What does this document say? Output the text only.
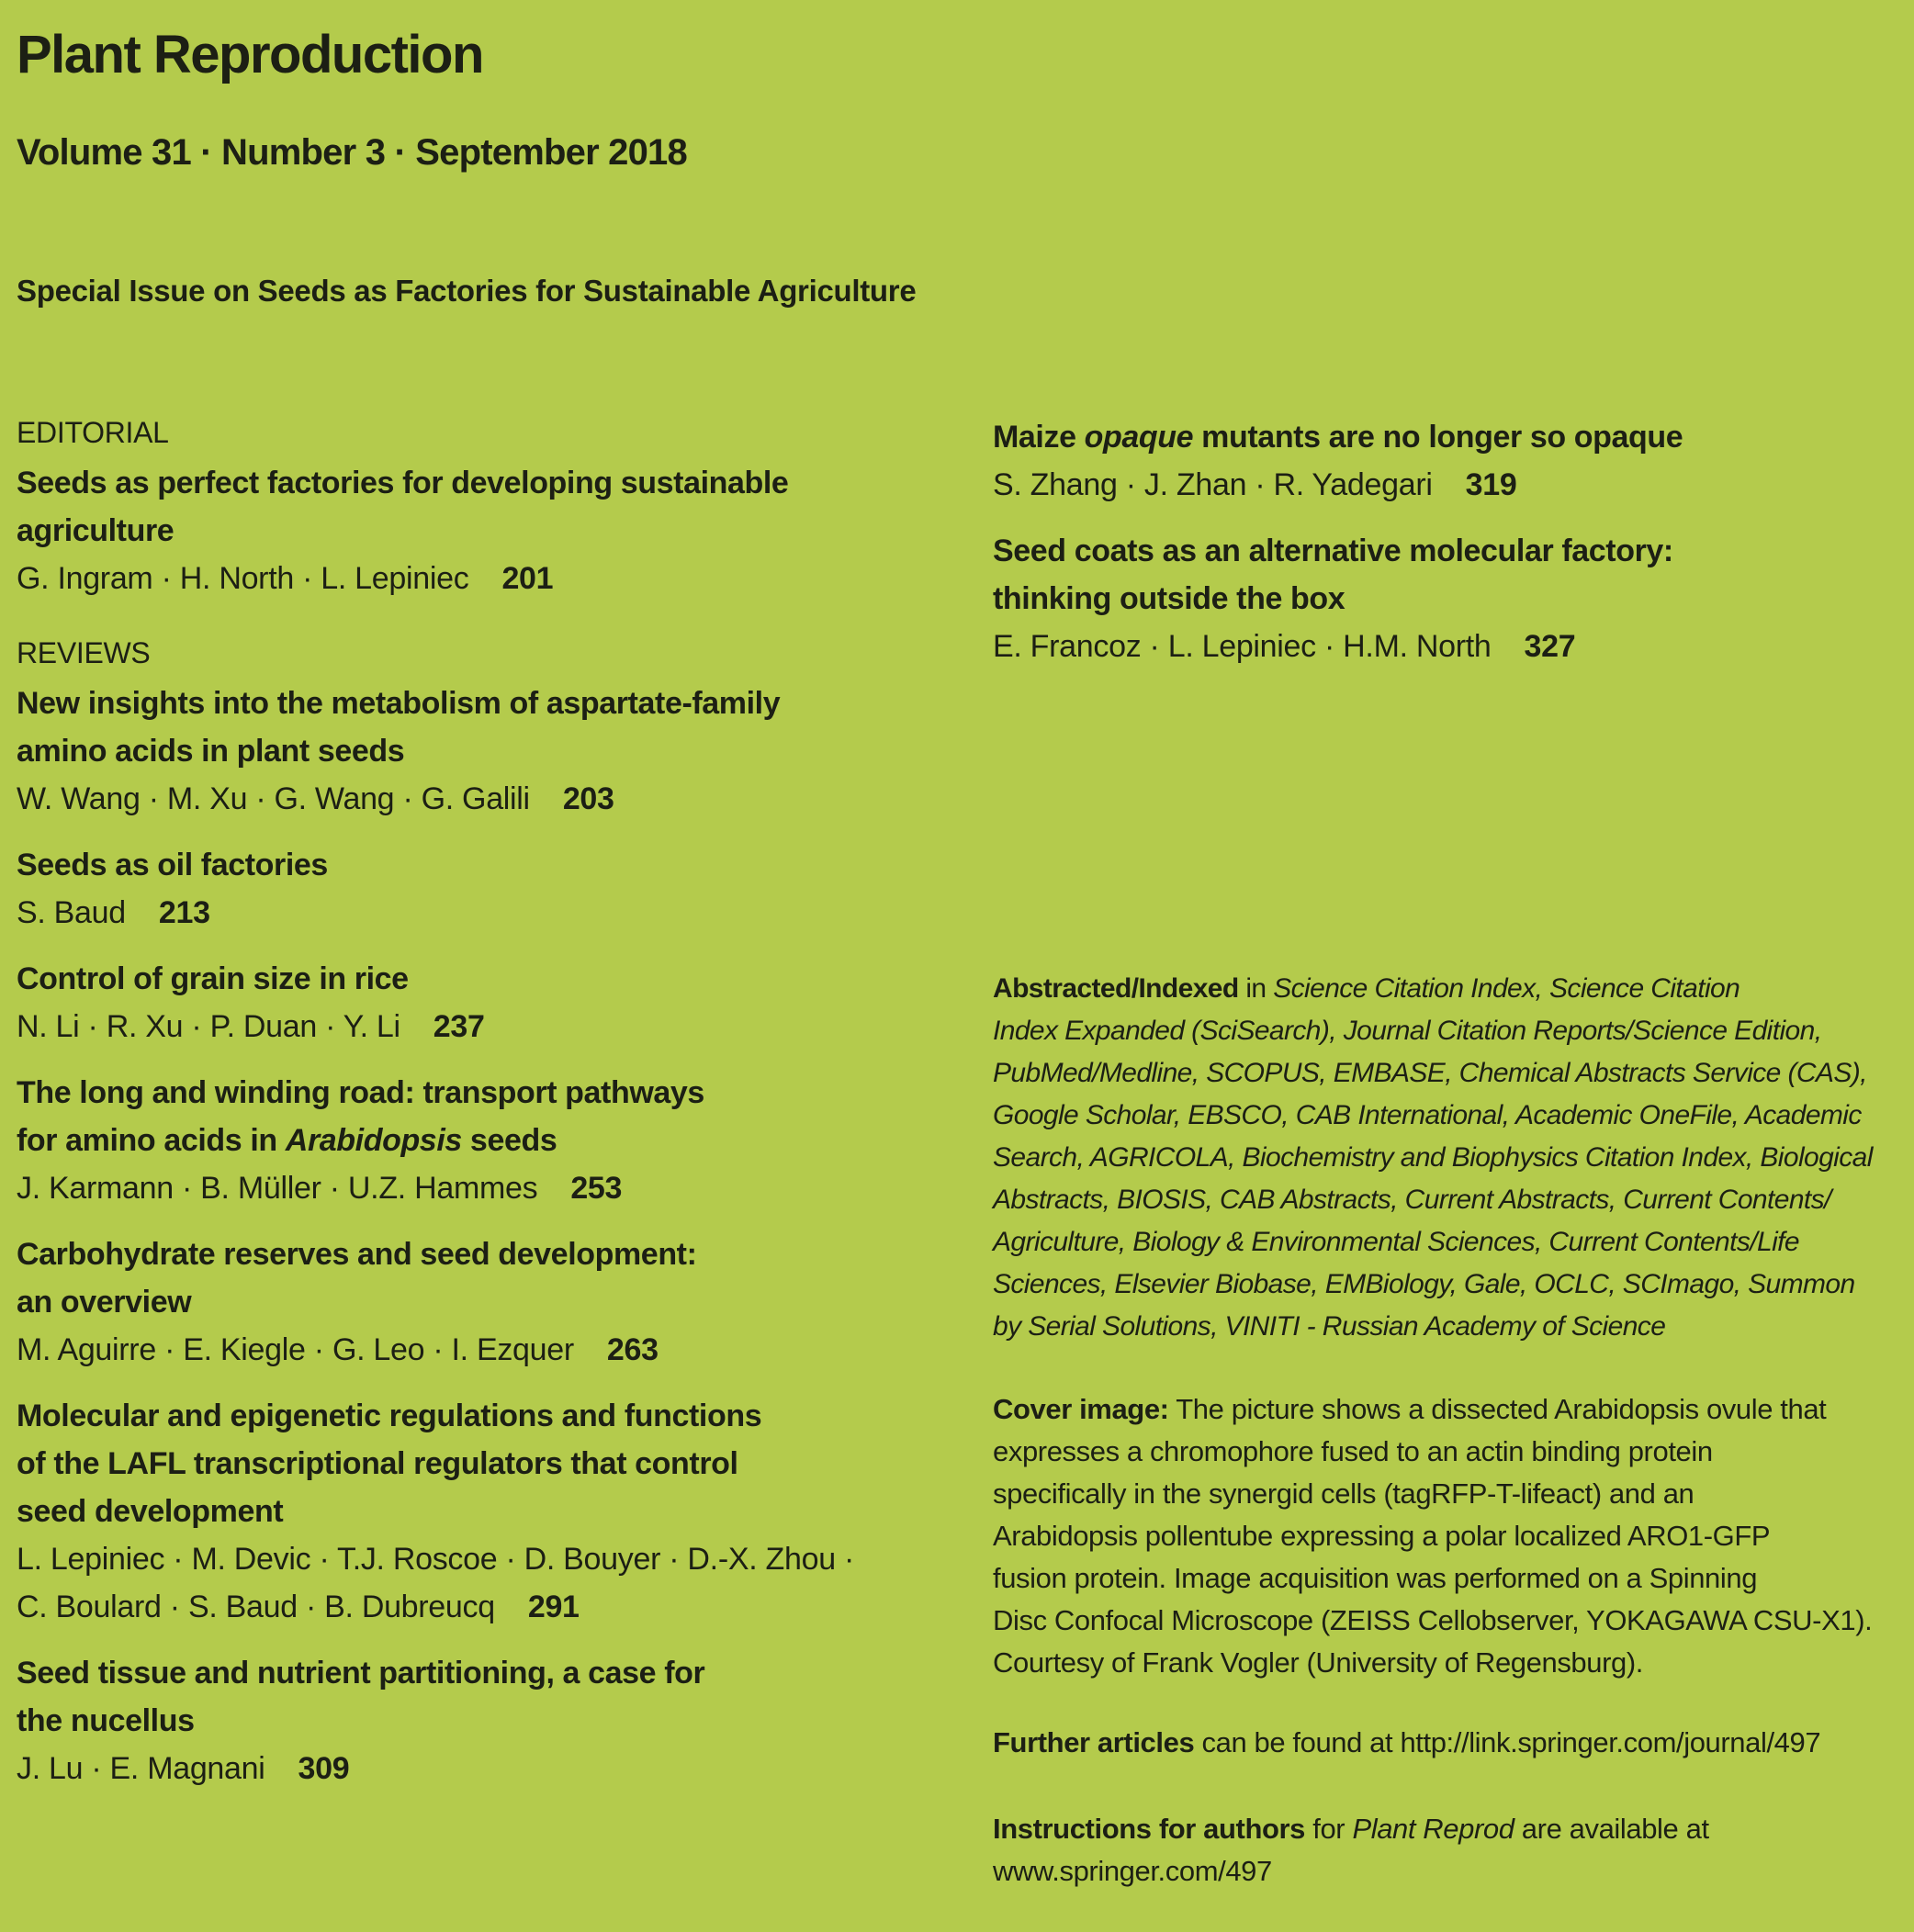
Plant Reproduction
Volume 31 · Number 3 · September 2018
Special Issue on Seeds as Factories for Sustainable Agriculture
EDITORIAL
Seeds as perfect factories for developing sustainable
agriculture
G. Ingram · H. North · L. Lepiniec 201
REVIEWS
New insights into the metabolism of aspartate-family
amino acids in plant seeds
W. Wang · M. Xu · G. Wang · G. Galili 203
Seeds as oil factories
S. Baud 213
Control of grain size in rice
N. Li · R. Xu · P. Duan · Y. Li 237
The long and winding road: transport pathways
for amino acids in Arabidopsis seeds
J. Karmann · B. Müller · U.Z. Hammes 253
Carbohydrate reserves and seed development:
an overview
M. Aguirre · E. Kiegle · G. Leo · I. Ezquer 263
Molecular and epigenetic regulations and functions
of the LAFL transcriptional regulators that control
seed development
L. Lepiniec · M. Devic · T.J. Roscoe · D. Bouyer · D.-X. Zhou ·
C. Boulard · S. Baud · B. Dubreucq 291
Seed tissue and nutrient partitioning, a case for
the nucellus
J. Lu · E. Magnani 309
Maize opaque mutants are no longer so opaque
S. Zhang · J. Zhan · R. Yadegari 319
Seed coats as an alternative molecular factory:
thinking outside the box
E. Francoz · L. Lepiniec · H.M. North 327
Abstracted/Indexed in Science Citation Index, Science Citation
Index Expanded (SciSearch), Journal Citation Reports/Science Edition,
PubMed/Medline, SCOPUS, EMBASE, Chemical Abstracts Service (CAS),
Google Scholar, EBSCO, CAB International, Academic OneFile, Academic
Search, AGRICOLA, Biochemistry and Biophysics Citation Index, Biological
Abstracts, BIOSIS, CAB Abstracts, Current Abstracts, Current Contents/
Agriculture, Biology & Environmental Sciences, Current Contents/Life
Sciences, Elsevier Biobase, EMBiology, Gale, OCLC, SCImago, Summon
by Serial Solutions, VINITI - Russian Academy of Science
Cover image: The picture shows a dissected Arabidopsis ovule that
expresses a chromophore fused to an actin binding protein
specifically in the synergid cells (tagRFP-T-lifeact) and an
Arabidopsis pollentube expressing a polar localized ARO1-GFP
fusion protein. Image acquisition was performed on a Spinning
Disc Confocal Microscope (ZEISS Cellobserver, YOKAGAWA CSU-X1).
Courtesy of Frank Vogler (University of Regensburg).
Further articles can be found at http://link.springer.com/journal/497
Instructions for authors for Plant Reprod are available at
www.springer.com/497
